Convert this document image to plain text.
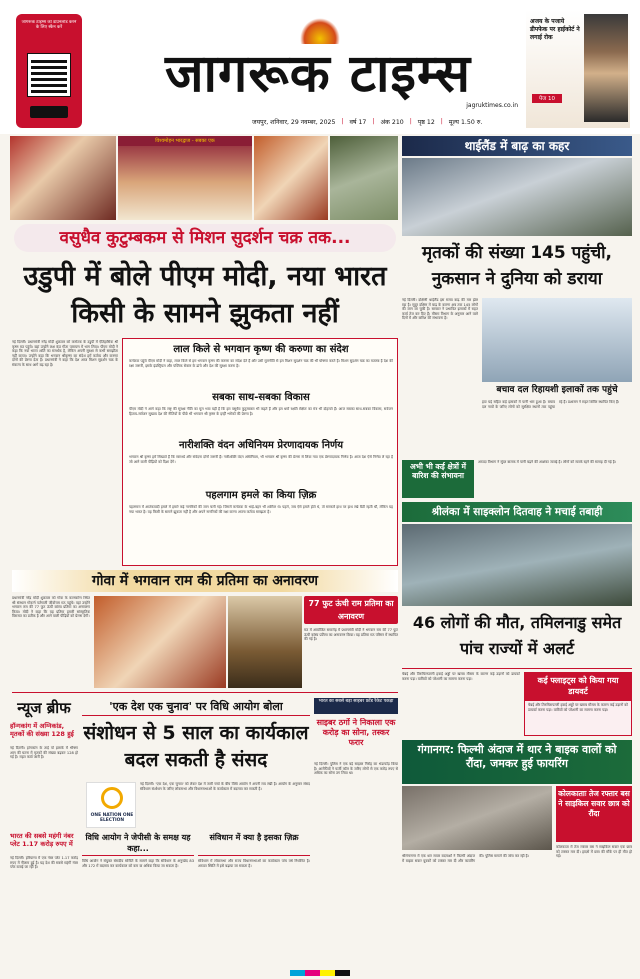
जागरूक टाइम्स को डाउनलोड करने के लिए स्कैन करें
जागरूक टाइम्स
jagruktimes.co.in
अजय के पजाये डीपफेक पर हाईकोर्ट ने लगाई रोक
पेज 10
जयपुर, शनिवार, 29 नवम्बर, 2025 | वर्ष 17 | अंक 210 | पृष्ठ 12 | मूल्य 1.50 रु.
विश्वमोहन भारद्वाज - सबका एक
वसुधैव कुटुम्बकम से मिशन सुदर्शन चक्र तक...
उडुपी में बोले पीएम मोदी, नया भारत किसी के सामने झुकता नहीं
नई दिल्ली। प्रधानमंत्री नरेंद्र मोदी शुक्रवार को कर्नाटक के उडुपी में ऐतिहासिक श्री कृष्ण मठ पहुंचे। यहां उन्होंने लक्ष कंठ गीता पारायण में भाग लिया। पीएम मोदी ने कहा कि नया भारत शांति का समर्थक है, लेकिन अपनी सुरक्षा से कभी समझौता नहीं करता। उन्होंने कहा कि भगवान श्रीकृष्ण का संदेश हमें कर्तव्य और करुणा दोनों की प्रेरणा देता है। प्रधानमंत्री ने कहा कि देश आज मिशन सुदर्शन चक्र के संकल्प के साथ आगे बढ़ रहा है।
लाल किले से भगवान कृष्ण की करुणा का संदेश
कर्नाटक पहुंचे पीएम मोदी ने कहा, लाल किले से हम भगवान कृष्ण की करुणा का संदेश देते हैं और उसी मूलनीति से हम मिशन सुदर्शन चक्र की भी घोषणा करते हैं। मिशन सुदर्शन चक्र का मतलब है देश की रक्षा जरूरी, इसके इंडस्ट्रियल और पब्लिक सेक्टर के ढांचे और देश की सुरक्षा करना है।
सबका साथ-सबका विकास
पीएम मोदी ने आगे कहा कि राष्ट्र की सुरक्षा नीति का मूल भाव यही है कि हम वसुधैव कुटुम्बकम भी कहते हैं और हम धर्मो रक्षति रक्षितः का मंत्र भी दोहराते हैं। आज सबका साथ-सबका विकास, सर्वजन हिताय-सर्वजन सुखाय देश की नीतियों के पीछे भी भगवान श्री कृष्ण के इन्हीं श्लोकों की प्रेरणा है।
नारीशक्ति वंदन अधिनियम प्रेरणादायक निर्णय
भगवान श्री कृष्ण हमें सिखाते हैं कि सामर्थ्य और संवेदना दोनों जरूरी हैं। नारीशक्ति वंदन अधिनियम, भी भगवान श्री कृष्ण की प्रेरणा से लिया गया एक प्रेरणादायक निर्णय है। आज देश ऐसे निर्णय ले रहा है जो आने वाली पीढ़ियों को दिशा देंगे।
पहलगाम हमले का किया ज़िक्र
पहलगाम में आतंकवादी हमले में हमारे कई नागरिकों की जान चली गई। जिसमें कर्नाटक के भाई-बहन भी शामिल थे। पहले, जब ऐसे हमले होते थे, तो सरकारें हाथ पर हाथ रखे बैठी रहती थीं, लेकिन यह नया भारत है। यह किसी के सामने झुकता नहीं है और अपने नागरिकों की रक्षा करना अपना कर्तव्य समझता है।
गोवा में भगवान राम की प्रतिमा का अनावरण
प्रधानमंत्री नरेंद्र मोदी शुक्रवार को गोवा के काणकोण स्थित श्री संस्थान गोकर्ण पर्तगाली जीवोत्तम मठ पहुंचे। वहां उन्होंने भगवान राम की 77 फुट ऊंची कांस्य प्रतिमा का अनावरण किया। मोदी ने कहा कि यह प्रतिमा हमारी सांस्कृतिक विरासत का प्रतीक है और आने वाली पीढ़ियों को प्रेरणा देगी।
77 फुट ऊंची राम प्रतिमा का अनावरण
मठ में आयोजित समारोह में प्रधानमंत्री मोदी ने भगवान राम की 77 फुट ऊंची कांस्य प्रतिमा का अनावरण किया। यह प्रतिमा मठ परिसर में स्थापित की गई है।
न्यूज ब्रीफ
हॉन्गकांग में अग्निकांड, मृतकों की संख्या 128 हुई
नई दिल्ली। हांगकांग के ताई पो इलाके में भीषण आग की घटना में मृतकों की संख्या बढ़कर 128 हो गई है। राहत कार्य जारी है।
भारत की सबसे महंगी नंबर प्लेट 1.17 करोड़ रुपए में
नई दिल्ली। हरियाणा में एक नंबर प्लेट 1.17 करोड़ रुपए में नीलाम हुई है। यह देश की सबसे महंगी नंबर प्लेट बताई जा रही है।
'एक देश एक चुनाव' पर विधि आयोग बोला
संशोधन से 5 साल का कार्यकाल बदल सकती है संसद
ONE NATION ONE ELECTION
नई दिल्ली। 'एक देश, एक चुनाव' को लेकर देश में जारी चर्चा के बीच विधि आयोग ने अपनी राय रखी है। आयोग के अनुसार संसद संविधान संशोधन के जरिए लोकसभा और विधानसभाओं के कार्यकाल में बदलाव कर सकती है।
विधि आयोग ने जेपीसी के समक्ष यह कहा...
विधि आयोग ने संयुक्त संसदीय समिति के सामने कहा कि संविधान के अनुच्छेद 83 और 172 में बदलाव कर कार्यकाल को कम या अधिक किया जा सकता है।
संविधान में क्या है इसका ज़िक्र
संविधान में लोकसभा और राज्य विधानसभाओं का कार्यकाल पांच वर्ष निर्धारित है। आपात स्थिति में इसे बढ़ाया जा सकता है।
भारत का सबसे बड़ा साइबर फ्रॉड रैकेट पकड़ा
साइबर ठगों ने निकाला एक करोड़ का सोना, तस्कर फरार
नई दिल्ली। पुलिस ने एक बड़े साइबर गिरोह का भंडाफोड़ किया है। आरोपियों ने फर्जी कॉल के जरिए लोगों से एक करोड़ रुपए से अधिक का सोना ठग लिया था।
थाईलैंड में बाढ़ का कहर
मृतकों की संख्या 145 पहुंची, नुकसान ने दुनिया को डराया
नई दिल्ली। दक्षिणी थाईलैंड इस समय बाढ़ की मार झेल रहा है। सुदूर दक्षिण में बाढ़ के कारण अब तक 145 लोगों की जान जा चुकी है। सरकार ने प्रभावित इलाकों में राहत कार्य तेज कर दिए हैं। मौसम विभाग के अनुसार आने वाले दिनों में और बारिश की संभावना है।
बचाव दल रिहायशी इलाकों तक पहुंचे
हाट यई सहित कई इलाकों में पानी भरा हुआ है। बचाव दल नावों के जरिए लोगों को सुरक्षित स्थानों तक पहुंचा रहे हैं। प्रशासन ने राहत शिविर स्थापित किए हैं।
अभी भी कई क्षेत्रों में बारिश की संभावना
आपदा विभाग ने सुंदर बालक में पानी बढ़ने की आशंका जताई है। लोगों को सतर्क रहने की सलाह दी गई है।
श्रीलंका में साइक्लोन दितवाह ने मचाई तबाही
46 लोगों की मौत, तमिलनाडु समेत पांच राज्यों में अलर्ट
चेन्नई और तिरुचिरापल्ली हवाई अड्डों पर खराब मौसम के कारण कई उड़ानों को डायवर्ट करना पड़ा। यात्रियों को परेशानी का सामना करना पड़ा।	कई फ्लाइट्स को किया गया डायवर्ट
चेन्नई और तिरुचिरापल्ली हवाई अड्डों पर खराब मौसम के कारण कई उड़ानों को डायवर्ट करना पड़ा। यात्रियों को परेशानी का सामना करना पड़ा।
गंगानगर: फिल्मी अंदाज में थार ने बाइक वालों को रौंदा, जमकर हुई फायरिंग
श्रीगंगानगर में एक थार सवार बदमाशों ने फिल्मी अंदाज में बाइक सवार युवकों को टक्कर मार दी और फायरिंग की। पुलिस मामले की जांच कर रही है।
कोलकाताः तेज रफ्तार बस ने साइकिल सवार छात्र को रौंदा
कोलकाता में तेज रफ्तार बस ने साइकिल सवार एक छात्र को टक्कर मार दी। हादसे में छात्र की मौके पर ही मौत हो गई।
